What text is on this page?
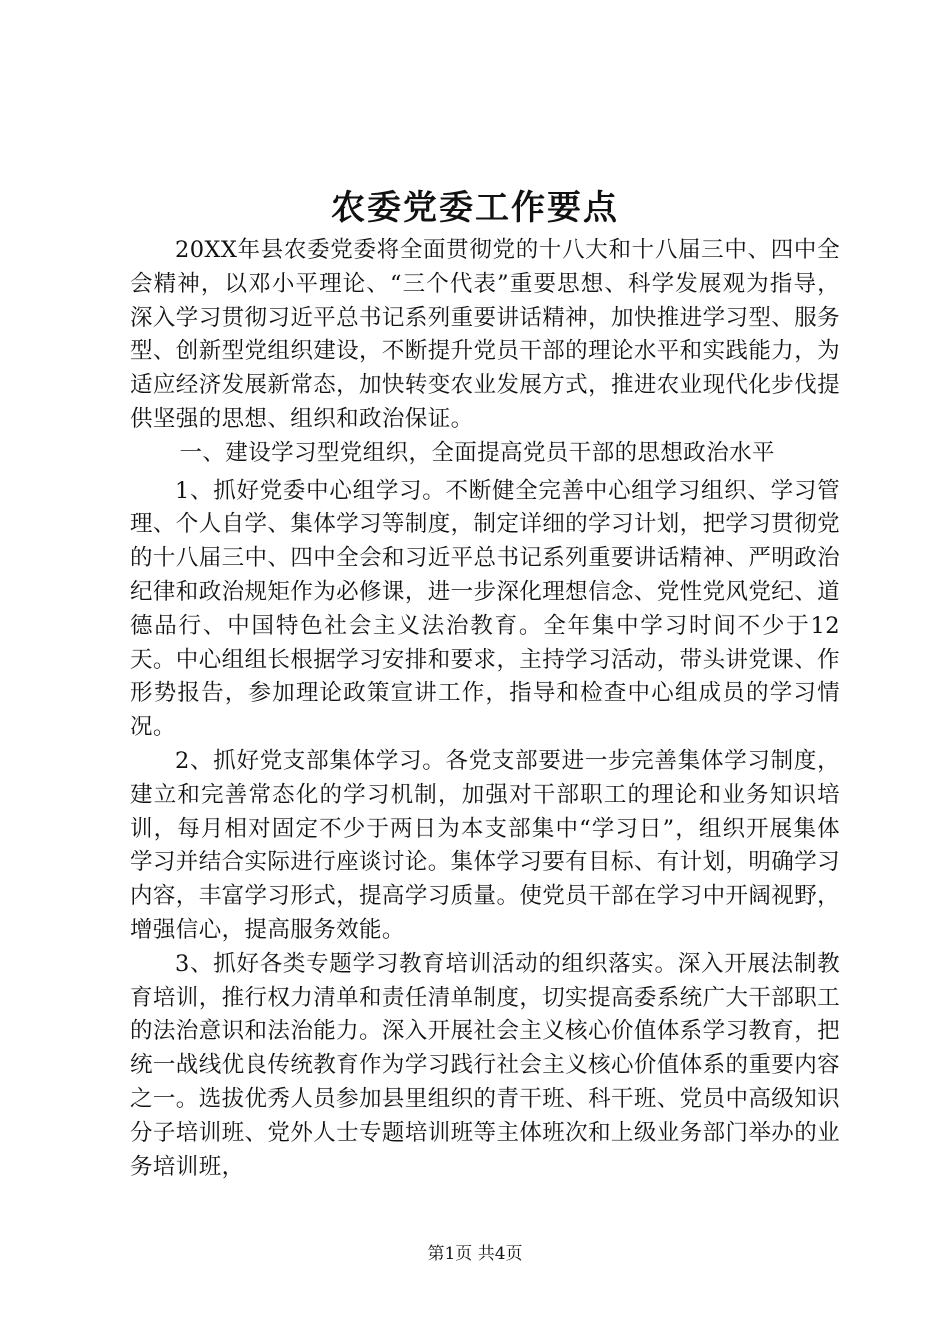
农委党委工作要点

20XX年县农委党委将全面贯彻党的十八大和十八届三中、四中全会精神，以邓小平理论、“三个代表”重要思想、科学发展观为指导，深入学习贯彻习近平总书记系列重要讲话精神，加快推进学习型、服务型、创新型党组织建设，不断提升党员干部的理论水平和实践能力，为适应经济发展新常态，加快转变农业发展方式，推进农业现代化步伐提供坚强的思想、组织和政治保证。

一、建设学习型党组织，全面提高党员干部的思想政治水平

1、抓好党委中心组学习。不断健全完善中心组学习组织、学习管理、个人自学、集体学习等制度，制定详细的学习计划，把学习贯彻党的十八届三中、四中全会和习近平总书记系列重要讲话精神、严明政治纪律和政治规矩作为必修课，进一步深化理想信念、党性党风党纪、道德品行、中国特色社会主义法治教育。全年集中学习时间不少于12天。中心组组长根据学习安排和要求，主持学习活动，带头讲党课、作形势报告，参加理论政策宣讲工作，指导和检查中心组成员的学习情况。

2、抓好党支部集体学习。各党支部要进一步完善集体学习制度，建立和完善常态化的学习机制，加强对干部职工的理论和业务知识培训，每月相对固定不少于两日为本支部集中“学习日”，组织开展集体学习并结合实际进行座谈讨论。集体学习要有目标、有计划，明确学习内容，丰富学习形式，提高学习质量。使党员干部在学习中开阔视野，增强信心，提高服务效能。

3、抓好各类专题学习教育培训活动的组织落实。深入开展法制教育培训，推行权力清单和责任清单制度，切实提高委系统广大干部职工的法治意识和法治能力。深入开展社会主义核心价值体系学习教育，把统一战线优良传统教育作为学习践行社会主义核心价值体系的重要内容之一。选拔优秀人员参加县里组织的青干班、科干班、党员中高级知识分子培训班、党外人士专题培训班等主体班次和上级业务部门举办的业务培训班，

第1页 共4页
